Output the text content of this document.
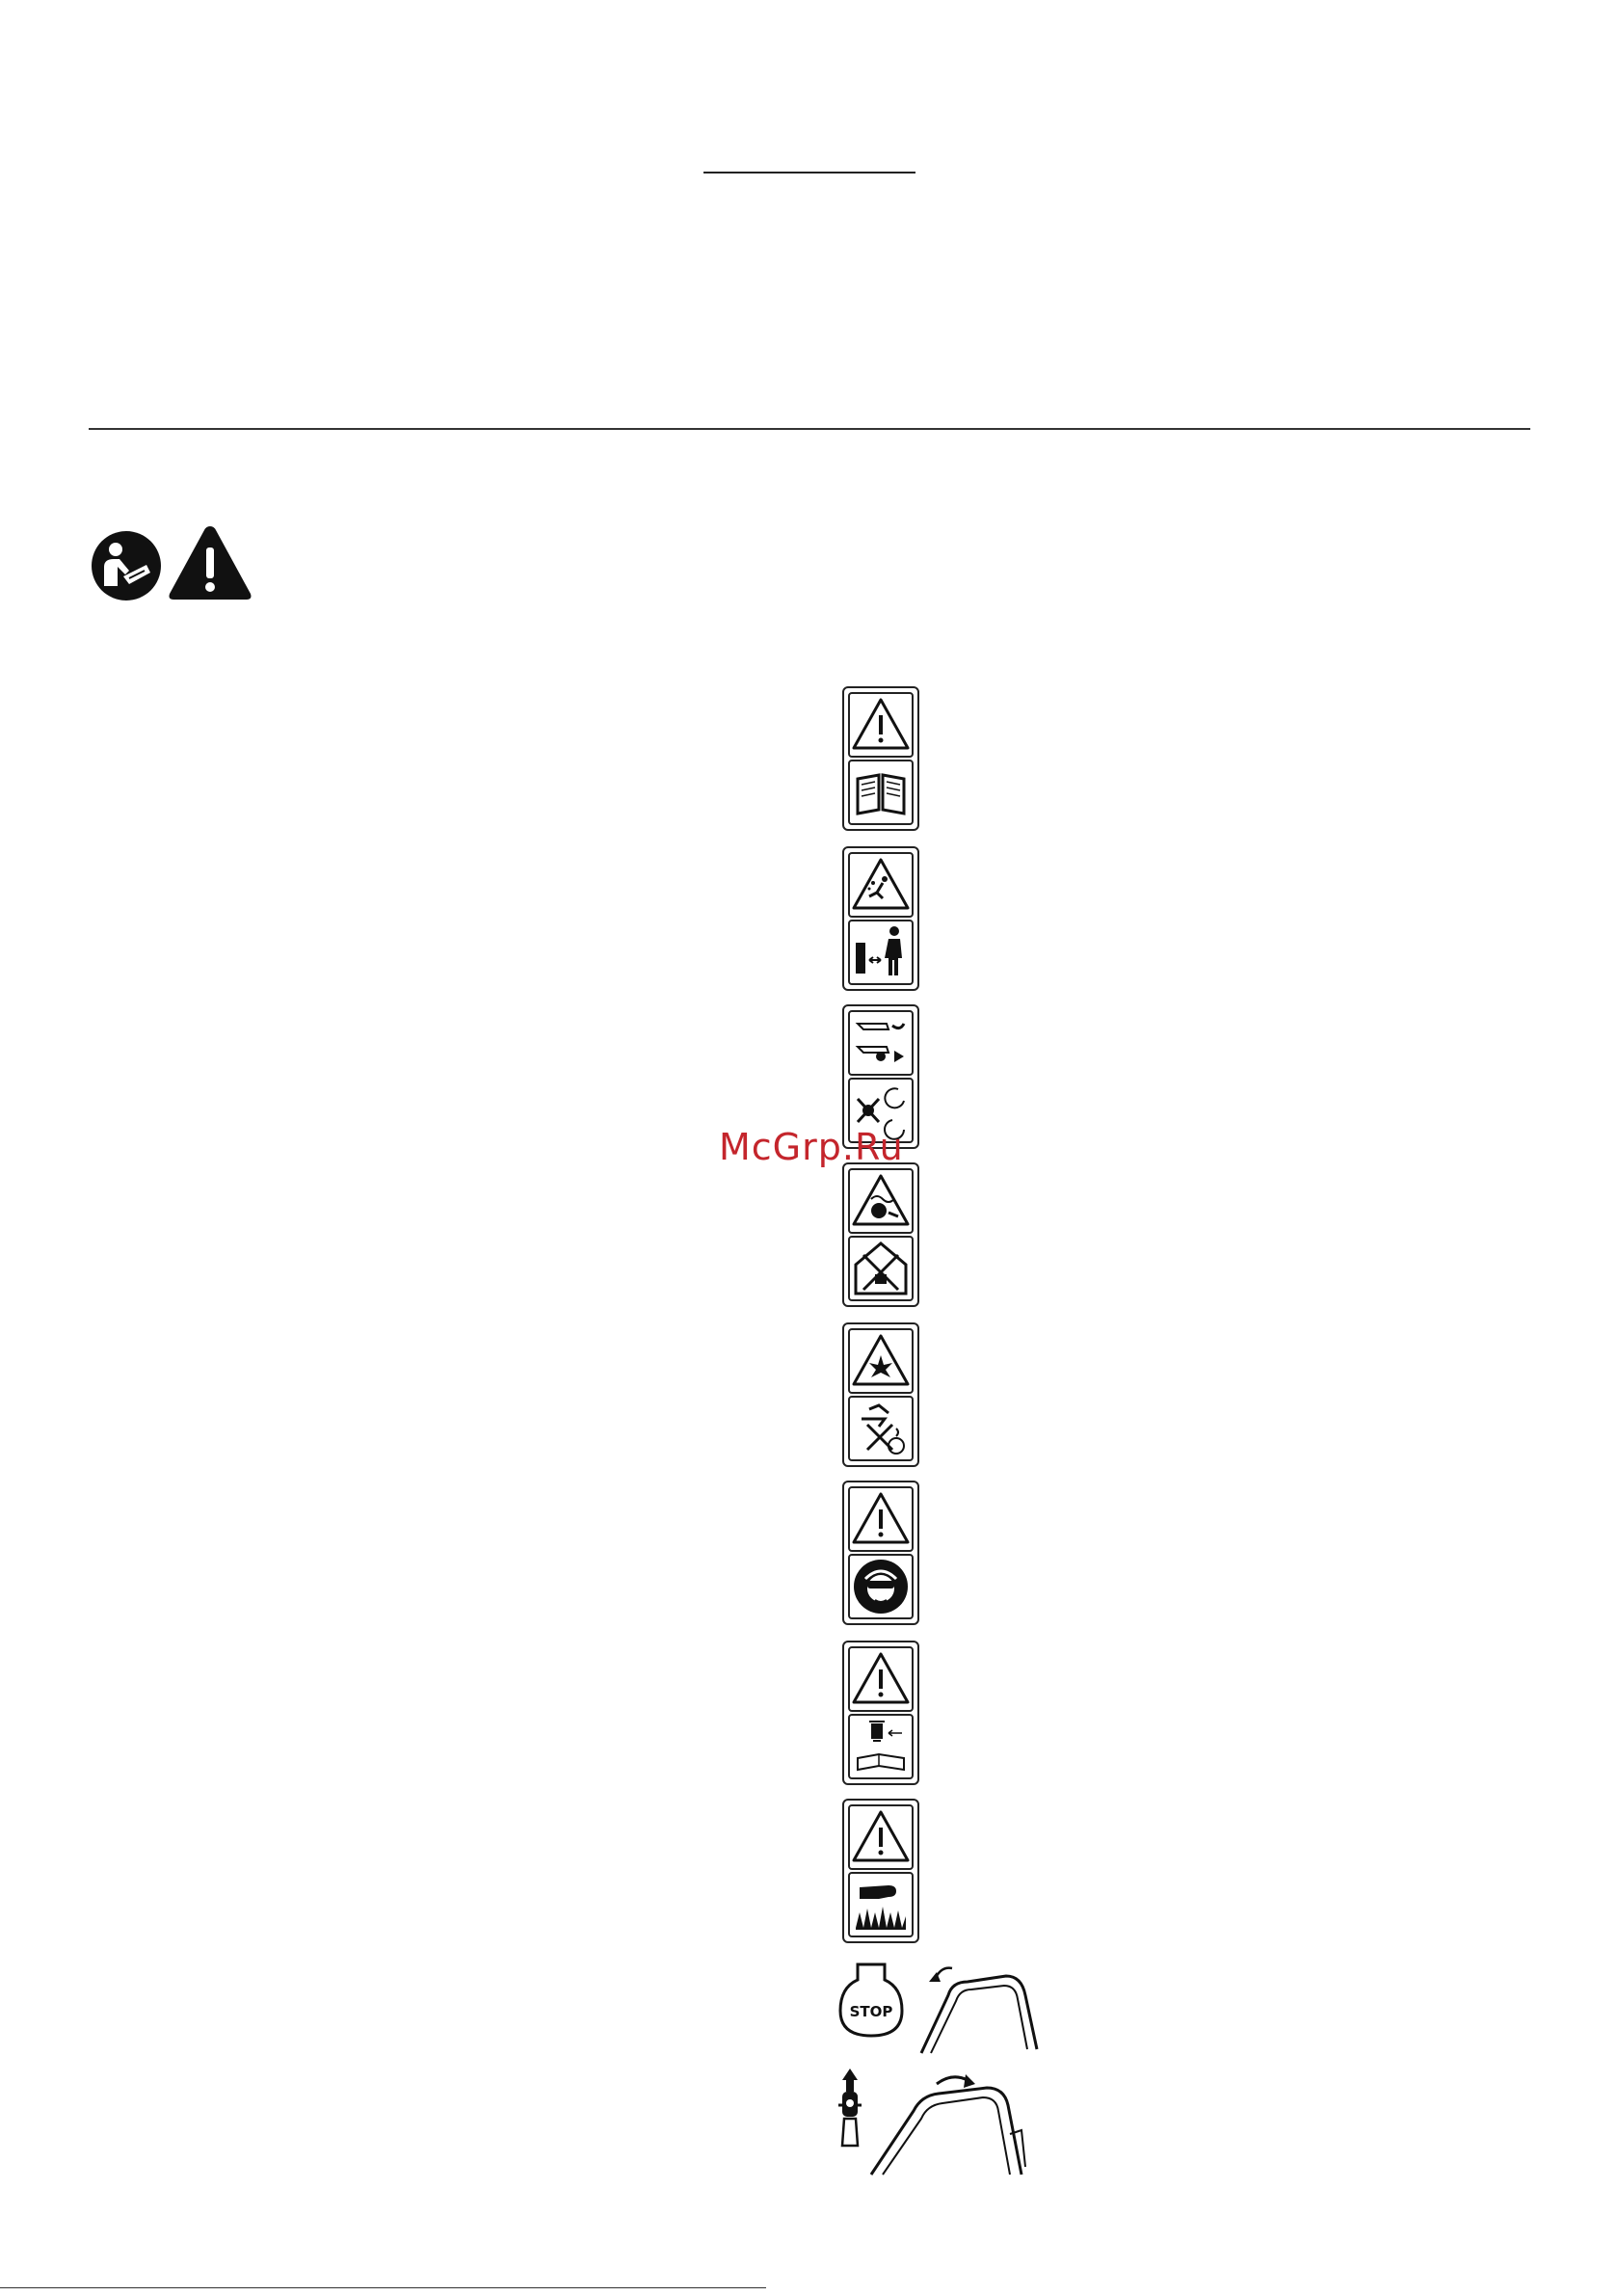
STOP
McGrp.Ru
